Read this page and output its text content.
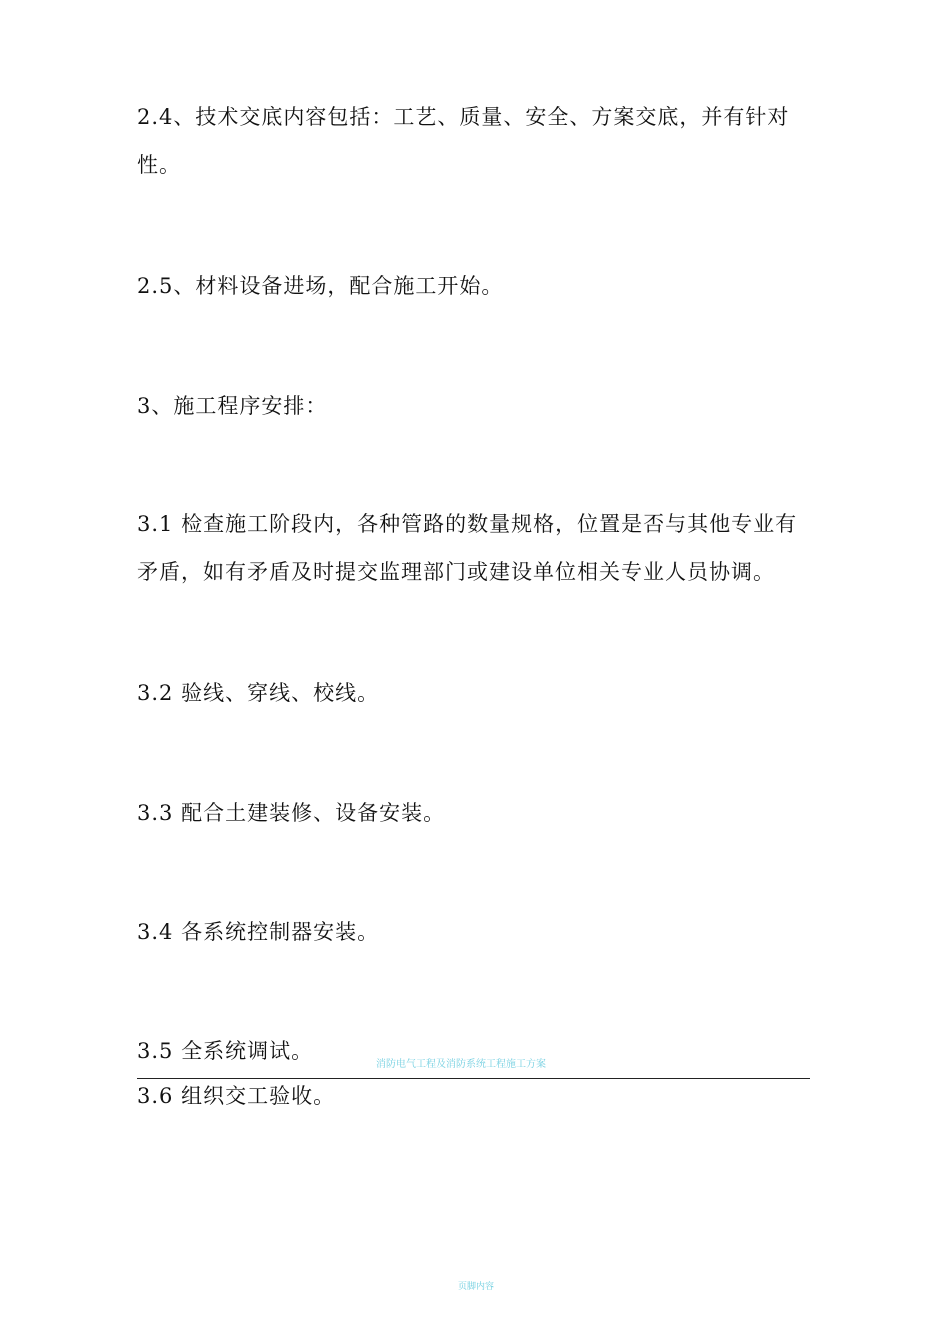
2.4、技术交底内容包括：工艺、质量、安全、方案交底，并有针对性。
2.5、材料设备进场，配合施工开始。
3、施工程序安排：
3.1 检查施工阶段内，各种管路的数量规格，位置是否与其他专业有矛盾，如有矛盾及时提交监理部门或建设单位相关专业人员协调。
3.2 验线、穿线、校线。
3.3 配合土建装修、设备安装。
3.4 各系统控制器安装。
3.5 全系统调试。
消防电气工程及消防系统工程施工方案
3.6 组织交工验收。
页脚内容
